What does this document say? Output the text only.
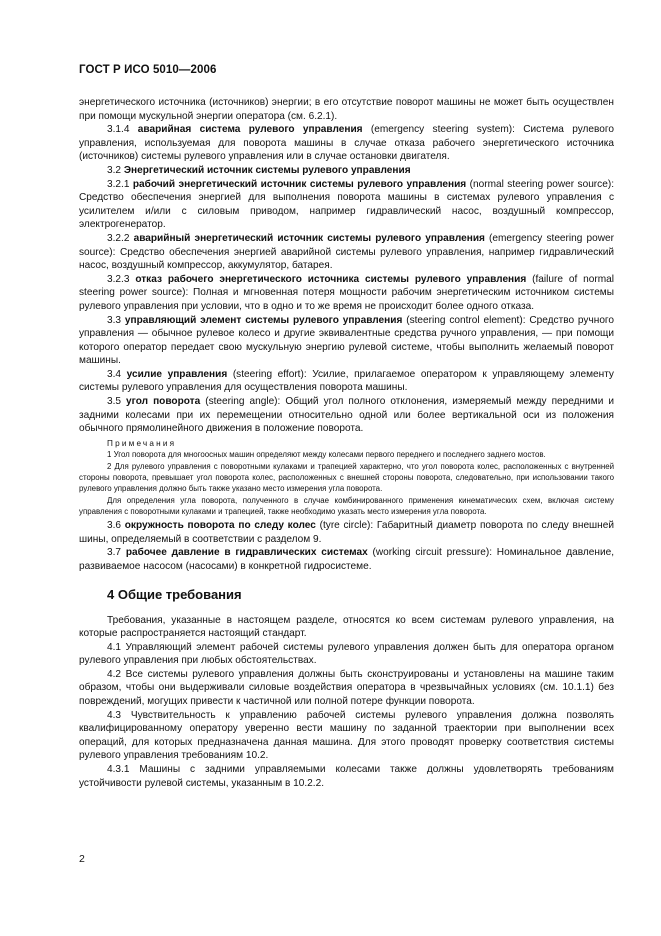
ГОСТ Р ИСО 5010—2006

энергетического источника (источников) энергии; в его отсутствие поворот машины не может быть осуществлен при помощи мускульной энергии оператора (см. 6.2.1).

3.1.4 аварийная система рулевого управления (emergency steering system): Система рулевого управления, используемая для поворота машины в случае отказа рабочего энергетического источника (источников) системы рулевого управления или в случае остановки двигателя.

3.2 Энергетический источник системы рулевого управления

3.2.1 рабочий энергетический источник системы рулевого управления (normal steering power source): Средство обеспечения энергией для выполнения поворота машины в системах рулевого управления с усилителем и/или с силовым приводом, например гидравлический насос, воздушный компрессор, электрогенератор.

3.2.2 аварийный энергетический источник системы рулевого управления (emergency steering power source): Средство обеспечения энергией аварийной системы рулевого управления, например гидравлический насос, воздушный компрессор, аккумулятор, батарея.

3.2.3 отказ рабочего энергетического источника системы рулевого управления (failure of normal steering power source): Полная и мгновенная потеря мощности рабочим энергетическим источником системы рулевого управления при условии, что в одно и то же время не происходит более одного отказа.

3.3 управляющий элемент системы рулевого управления (steering control element): Средство ручного управления — обычное рулевое колесо и другие эквивалентные средства ручного управления, — при помощи которого оператор передает свою мускульную энергию рулевой системе, чтобы выполнить желаемый поворот машины.

3.4 усилие управления (steering effort): Усилие, прилагаемое оператором к управляющему элементу системы рулевого управления для осуществления поворота машины.

3.5 угол поворота (steering angle): Общий угол полного отклонения, измеряемый между передними и задними колесами при их перемещении относительно одной или более вертикальной оси из положения обычного прямолинейного движения в положение поворота.

Примечания

1 Угол поворота для многоосных машин определяют между колесами первого переднего и последнего заднего мостов.

2 Для рулевого управления с поворотными кулаками и трапецией характерно, что угол поворота колес, расположенных с внутренней стороны поворота, превышает угол поворота колес, расположенных с внешней стороны поворота, следовательно, при использовании такого рулевого управления должно быть также указано место измерения угла поворота.

Для определения угла поворота, полученного в случае комбинированного применения кинематических схем, включая систему управления с поворотными кулаками и трапецией, также необходимо указать место измерения угла поворота.

3.6 окружность поворота по следу колес (tyre circle): Габаритный диаметр поворота по следу внешней шины, определяемый в соответствии с разделом 9.

3.7 рабочее давление в гидравлических системах (working circuit pressure): Номинальное давление, развиваемое насосом (насосами) в конкретной гидросистеме.

4 Общие требования

Требования, указанные в настоящем разделе, относятся ко всем системам рулевого управления, на которые распространяется настоящий стандарт.

4.1 Управляющий элемент рабочей системы рулевого управления должен быть для оператора органом рулевого управления при любых обстоятельствах.

4.2 Все системы рулевого управления должны быть сконструированы и установлены на машине таким образом, чтобы они выдерживали силовые воздействия оператора в чрезвычайных условиях (см. 10.1.1) без повреждений, могущих привести к частичной или полной потере функции поворота.

4.3 Чувствительность к управлению рабочей системы рулевого управления должна позволять квалифицированному оператору уверенно вести машину по заданной траектории при выполнении всех операций, для которых предназначена данная машина. Для этого проводят проверку соответствия системы рулевого управления требованиям 10.2.

4.3.1 Машины с задними управляемыми колесами также должны удовлетворять требованиям устойчивости рулевой системы, указанным в 10.2.2.

2
